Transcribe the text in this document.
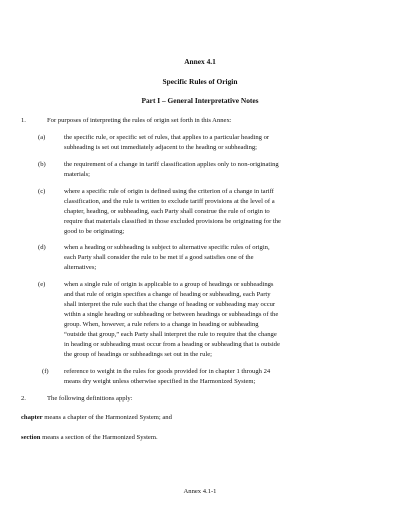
Annex 4.1
Specific Rules of Origin
Part I – General Interpretative Notes
1.	For purposes of interpreting the rules of origin set forth in this Annex:
(a)	the specific rule, or specific set of rules, that applies to a particular heading or
subheading is set out immediately adjacent to the heading or subheading;
(b)	the requirement of a change in tariff classification applies only to non-originating
materials;
(c)	where a specific rule of origin is defined using the criterion of a change in tariff
classification, and the rule is written to exclude tariff provisions at the level of a
chapter, heading, or subheading, each Party shall construe the rule of origin to
require that materials classified in those excluded provisions be originating for the
good to be originating;
(d)	when a heading or subheading is subject to alternative specific rules of origin,
each Party shall consider the rule to be met if a good satisfies one of the
alternatives;
(e)	when a single rule of origin is applicable to a group of headings or subheadings
and that rule of origin specifies a change of heading or subheading, each Party
shall interpret the rule such that the change of heading or subheading may occur
within a single heading or subheading or between headings or subheadings of the
group. When, however, a rule refers to a change in heading or subheading
“outside that group,” each Party shall interpret the rule to require that the change
in heading or subheading must occur from a heading or subheading that is outside
the group of headings or subheadings set out in the rule;
(f) reference to weight in the rules for goods provided for in chapter 1 through 24
means dry weight unless otherwise specified in the Harmonized System;
2.	The following definitions apply:
chapter means a chapter of the Harmonized System; and
section means a section of the Harmonized System.
Annex 4.1-1
